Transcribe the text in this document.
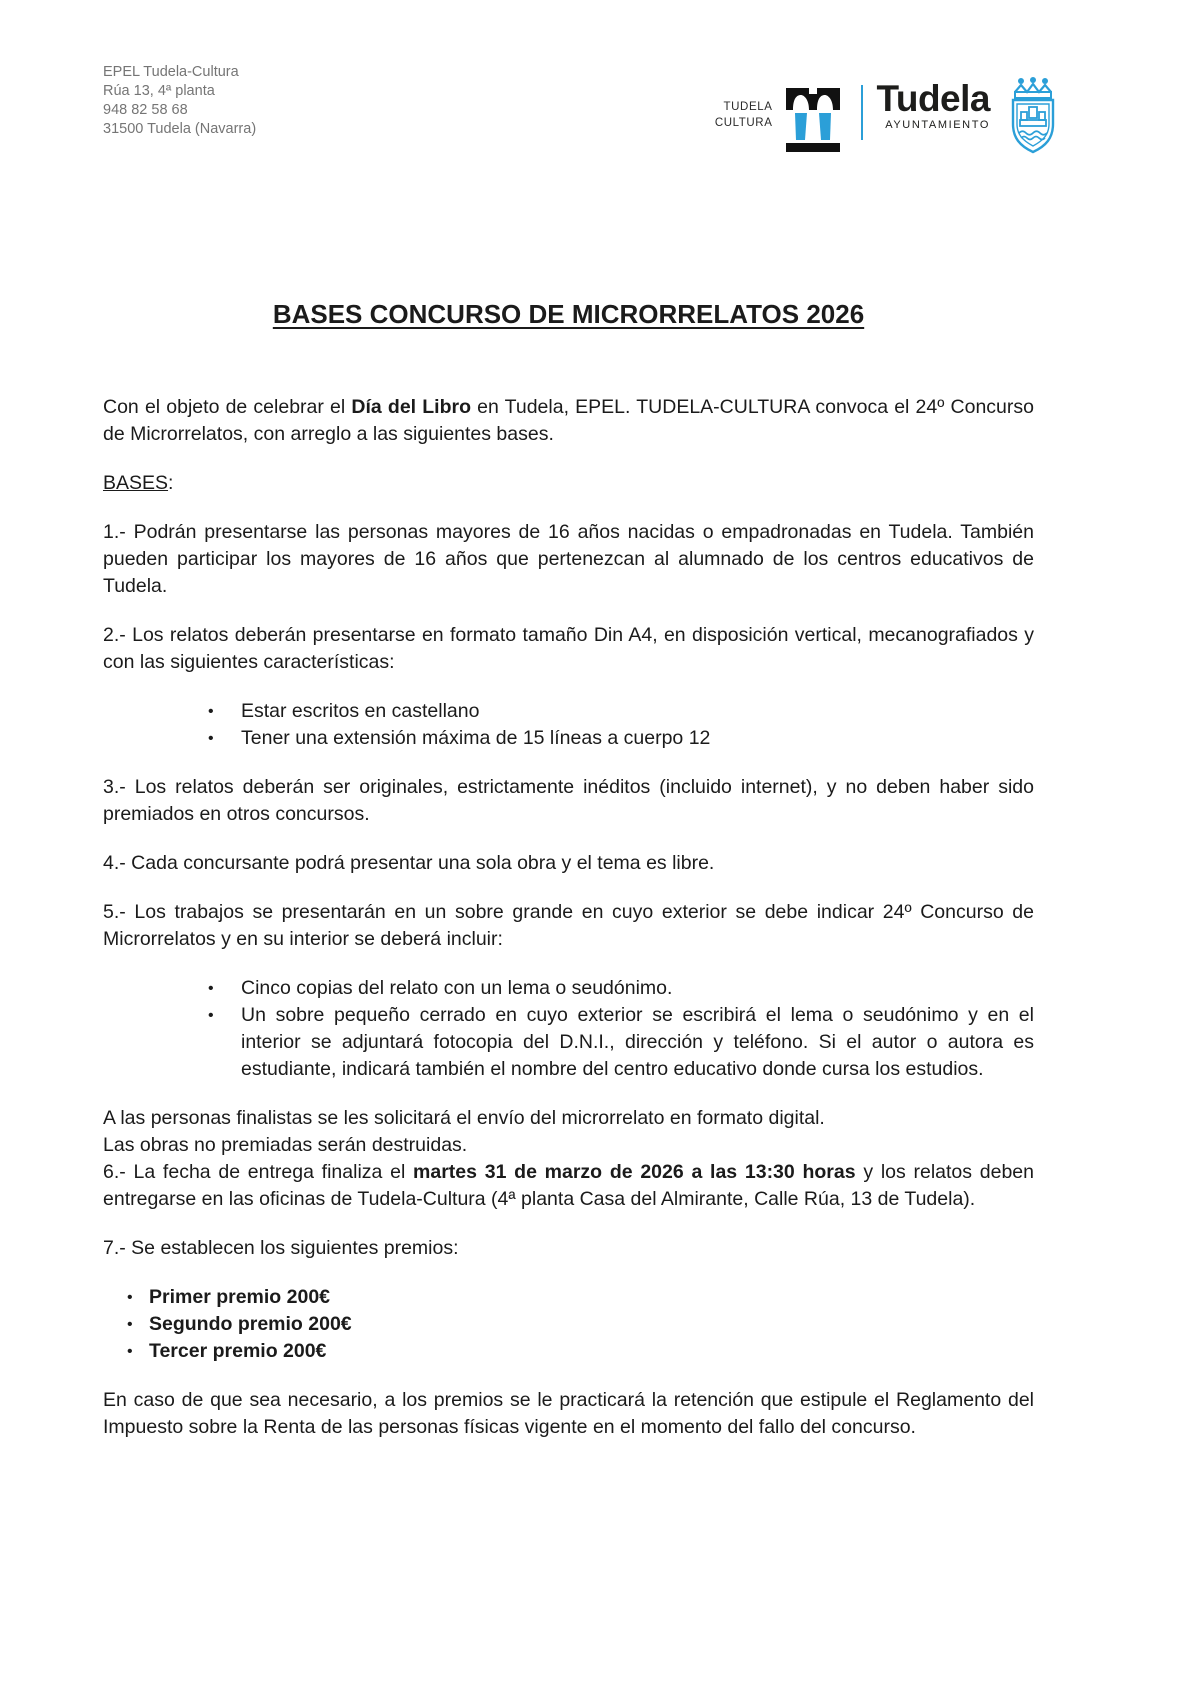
EPEL Tudela-Cultura
Rúa 13, 4ª planta
948 82 58 68
31500 Tudela (Navarra)
TUDELA
CULTURA
Tudela
AYUNTAMIENTO
BASES CONCURSO DE MICRORRELATOS 2026

Con el objeto de celebrar el Día del Libro en Tudela, EPEL. TUDELA-CULTURA convoca el 24º Concurso de Microrrelatos, con arreglo a las siguientes bases.

BASES:

1.- Podrán presentarse las personas mayores de 16 años nacidas o empadronadas en Tudela. También pueden participar los mayores de 16 años que pertenezcan al alumnado de los centros educativos de Tudela.

2.- Los relatos deberán presentarse en formato tamaño Din A4, en disposición vertical, mecanografiados y con las siguientes características:

•	Estar escritos en castellano
•	Tener una extensión máxima de 15 líneas a cuerpo 12

3.- Los relatos deberán ser originales, estrictamente inéditos (incluido internet), y no deben haber sido premiados en otros concursos.

4.- Cada concursante podrá presentar una sola obra y el tema es libre.

5.- Los trabajos se presentarán en un sobre grande en cuyo exterior se debe indicar 24º Concurso de Microrrelatos y en su interior se deberá incluir:

•	Cinco copias del relato con un lema o seudónimo.
•	Un sobre pequeño cerrado en cuyo exterior se escribirá el lema o seudónimo y en el interior se adjuntará fotocopia del D.N.I., dirección y teléfono. Si el autor o autora es estudiante, indicará también el nombre del centro educativo donde cursa los estudios.

A las personas finalistas se les solicitará el envío del microrrelato en formato digital.

Las obras no premiadas serán destruidas.

6.- La fecha de entrega finaliza el martes 31 de marzo de 2026 a las 13:30 horas y los relatos deben entregarse en las oficinas de Tudela-Cultura (4ª planta Casa del Almirante, Calle Rúa, 13 de Tudela).

7.- Se establecen los siguientes premios:

• Primer premio 200€
• Segundo premio 200€
• Tercer premio 200€

En caso de que sea necesario, a los premios se le practicará la retención que estipule el Reglamento del Impuesto sobre la Renta de las personas físicas vigente en el momento del fallo del concurso.
